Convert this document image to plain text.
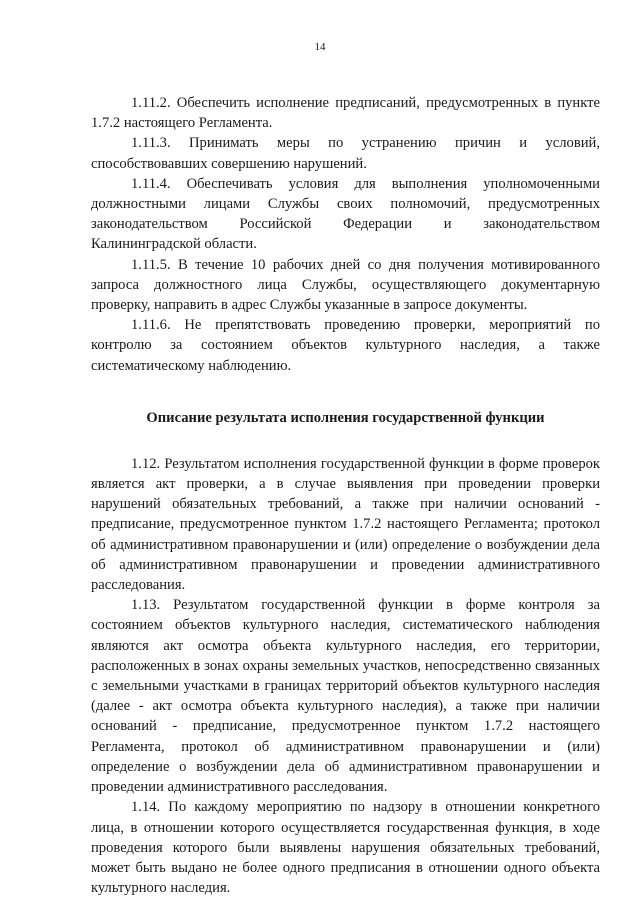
14

1.11.2. Обеспечить исполнение предписаний, предусмотренных в пункте 1.7.2 настоящего Регламента.

1.11.3. Принимать меры по устранению причин и условий, способствовавших совершению нарушений.

1.11.4. Обеспечивать условия для выполнения уполномоченными должностными лицами Службы своих полномочий, предусмотренных законодательством Российской Федерации и законодательством Калининградской области.

1.11.5. В течение 10 рабочих дней со дня получения мотивированного запроса должностного лица Службы, осуществляющего документарную проверку, направить в адрес Службы указанные в запросе документы.

1.11.6. Не препятствовать проведению проверки, мероприятий по контролю за состоянием объектов культурного наследия, а также систематическому наблюдению.

Описание результата исполнения государственной функции

1.12. Результатом исполнения государственной функции в форме проверок является акт проверки, а в случае выявления при проведении проверки нарушений обязательных требований, а также при наличии оснований - предписание, предусмотренное пунктом 1.7.2 настоящего Регламента; протокол об административном правонарушении и (или) определение о возбуждении дела об административном правонарушении и проведении административного расследования.

1.13. Результатом государственной функции в форме контроля за состоянием объектов культурного наследия, систематического наблюдения являются акт осмотра объекта культурного наследия, его территории, расположенных в зонах охраны земельных участков, непосредственно связанных с земельными участками в границах территорий объектов культурного наследия (далее - акт осмотра объекта культурного наследия), а также при наличии оснований - предписание, предусмотренное пунктом 1.7.2 настоящего Регламента, протокол об административном правонарушении и (или) определение о возбуждении дела об административном правонарушении и проведении административного расследования.

1.14. По каждому мероприятию по надзору в отношении конкретного лица, в отношении которого осуществляется государственная функция, в ходе проведения которого были выявлены нарушения обязательных требований, может быть выдано не более одного предписания в отношении одного объекта культурного наследия.
